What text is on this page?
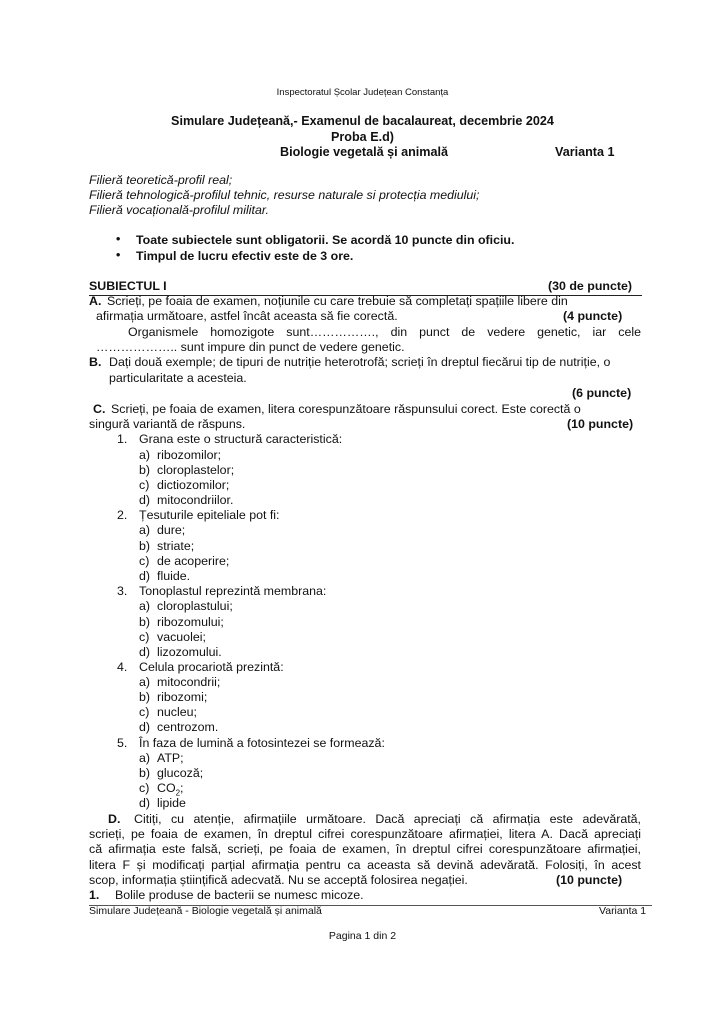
Inspectoratul Școlar Județean Constanța
Simulare Județeană,- Examenul de bacalaureat, decembrie 2024
Proba E.d)
Biologie vegetală și animală	Varianta 1
Filieră teoretică-profil real;
Filieră tehnologică-profilul tehnic, resurse naturale si protecția mediului;
Filieră vocațională-profilul militar.
• Toate subiectele sunt obligatorii. Se acordă 10 puncte din oficiu.
• Timpul de lucru efectiv este de 3 ore.
SUBIECTUL I	(30 de puncte)
A. Scrieți, pe foaia de examen, noțiunile cu care trebuie să completați spațiile libere din
afirmația următoare, astfel încât aceasta să fie corectă.	(4 puncte)
Organismele homozigote sunt……………., din punct de vedere genetic, iar cele
……………….. sunt impure din punct de vedere genetic.
B. Dați două exemple; de tipuri de nutriție heterotrofă; scrieți în dreptul fiecărui tip de nutriție, o
particularitate a acesteia.
(6 puncte)
C. Scrieți, pe foaia de examen, litera corespunzătoare răspunsului corect. Este corectă o
singură variantă de răspuns.	(10 puncte)
1. Grana este o structură caracteristică:
a) ribozomilor;
b) cloroplastelor;
c) dictiozomilor;
d) mitocondriilor.
2. Țesuturile epiteliale pot fi:
a) dure;
b) striate;
c) de acoperire;
d) fluide.
3. Tonoplastul reprezintă membrana:
a) cloroplastului;
b) ribozomului;
c) vacuolei;
d) lizozomului.
4. Celula procariotă prezintă:
a) mitocondrii;
b) ribozomi;
c) nucleu;
d) centrozom.
5. În faza de lumină a fotosintezei se formează:
a) ATP;
b) glucoză;
c) $CO_2$;
d) lipide
D. Citiți, cu atenție, afirmațiile următoare. Dacă apreciați că afirmația este adevărată,
scrieți, pe foaia de examen, în dreptul cifrei corespunzătoare afirmației, litera A. Dacă apreciați
că afirmația este falsă, scrieți, pe foaia de examen, în dreptul cifrei corespunzătoare afirmației,
litera F și modificați parțial afirmația pentru ca aceasta să devină adevărată. Folosiți, în acest
scop, informația științifică adecvată. Nu se acceptă folosirea negației.	(10 puncte)
1. Bolile produse de bacterii se numesc micoze.
Simulare Județeană - Biologie vegetală și animală	Varianta 1
Pagina 1 din 2
